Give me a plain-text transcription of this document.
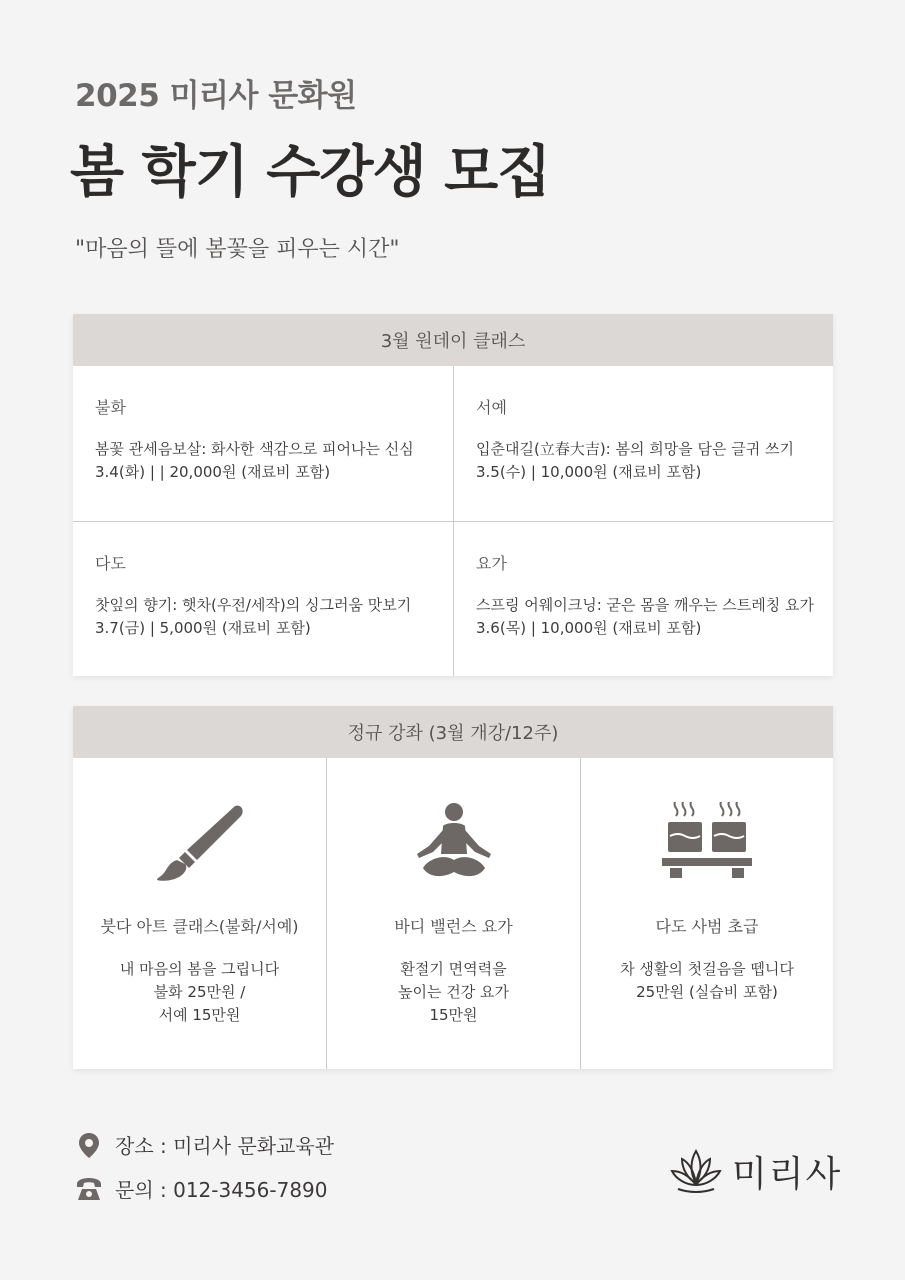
2025 미리사 문화원
봄 학기 수강생 모집
"마음의 뜰에 봄꽃을 피우는 시간"
3월 원데이 클래스
불화
봄꽃 관세음보살: 화사한 색감으로 피어나는 신심
3.4(화) | | 20,000원 (재료비 포함)
서예
입춘대길(立春大吉): 봄의 희망을 담은 글귀 쓰기
3.5(수) | 10,000원 (재료비 포함)
다도
찻잎의 향기: 햇차(우전/세작)의 싱그러움 맛보기
3.7(금) | 5,000원 (재료비 포함)
요가
스프링 어웨이크닝: 굳은 몸을 깨우는 스트레칭 요가
3.6(목) | 10,000원 (재료비 포함)
정규 강좌 (3월 개강/12주)
붓다 아트 클래스(불화/서예)
내 마음의 봄을 그립니다
불화 25만원 /
서예 15만원
바디 밸런스 요가
환절기 면역력을
높이는 건강 요가
15만원
다도 사범 초급
차 생활의 첫걸음을 뗍니다
25만원 (실습비 포함)
장소 : 미리사 문화교육관
문의 : 012-3456-7890	미리사
